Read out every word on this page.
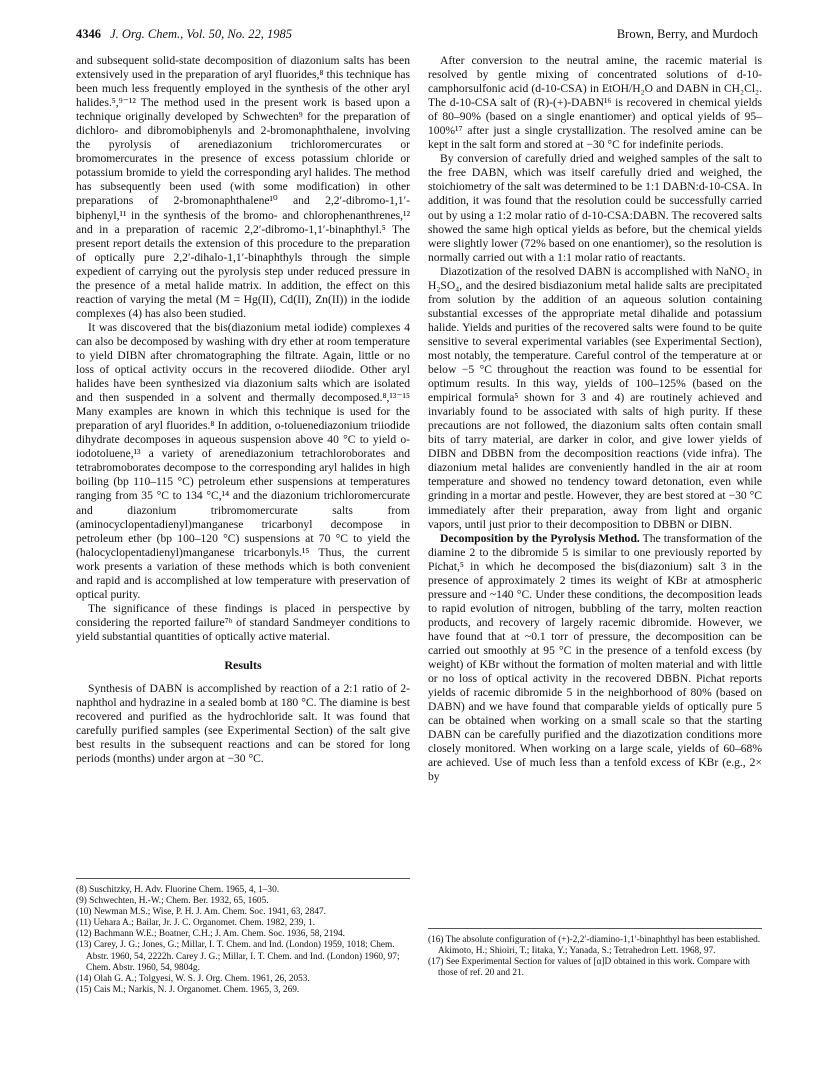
4346 J. Org. Chem., Vol. 50, No. 22, 1985	Brown, Berry, and Murdoch

and subsequent solid-state decomposition of diazonium salts has been extensively used in the preparation of aryl fluorides,⁸ this technique has been much less frequently employed in the synthesis of the other aryl halides.⁵,⁹⁻¹² The method used in the present work is based upon a technique originally developed by Schwechten⁹ for the preparation of dichloro- and dibromobiphenyls and 2-bromonaphthalene, involving the pyrolysis of arenediazonium trichloromercurates or bromomercurates in the presence of excess potassium chloride or potassium bromide to yield the corresponding aryl halides. The method has subsequently been used (with some modification) in other preparations of 2-bromonaphthalene¹⁰ and 2,2′-dibromo-1,1′-biphenyl,¹¹ in the synthesis of the bromo- and chlorophenanthrenes,¹² and in a preparation of racemic 2,2′-dibromo-1,1′-binaphthyl.⁵ The present report details the extension of this procedure to the preparation of optically pure 2,2′-dihalo-1,1′-binaphthyls through the simple expedient of carrying out the pyrolysis step under reduced pressure in the presence of a metal halide matrix. In addition, the effect on this reaction of varying the metal (M = Hg(II), Cd(II), Zn(II)) in the iodide complexes (4) has also been studied.

It was discovered that the bis(diazonium metal iodide) complexes 4 can also be decomposed by washing with dry ether at room temperature to yield DIBN after chromatographing the filtrate. Again, little or no loss of optical activity occurs in the recovered diiodide. Other aryl halides have been synthesized via diazonium salts which are isolated and then suspended in a solvent and thermally decomposed.⁸,¹³⁻¹⁵ Many examples are known in which this technique is used for the preparation of aryl fluorides.⁸ In addition, o-toluenediazonium triiodide dihydrate decomposes in aqueous suspension above 40 °C to yield o-iodotoluene,¹³ a variety of arenediazonium tetrachloroborates and tetrabromoborates decompose to the corresponding aryl halides in high boiling (bp 110–115 °C) petroleum ether suspensions at temperatures ranging from 35 °C to 134 °C,¹⁴ and the diazonium trichloromercurate and diazonium tribromomercurate salts from (aminocyclopentadienyl)manganese tricarbonyl decompose in petroleum ether (bp 100–120 °C) suspensions at 70 °C to yield the (halocyclopentadienyl)manganese tricarbonyls.¹⁵ Thus, the current work presents a variation of these methods which is both convenient and rapid and is accomplished at low temperature with preservation of optical purity.

The significance of these findings is placed in perspective by considering the reported failure⁷ᵇ of standard Sandmeyer conditions to yield substantial quantities of optically active material.

Results

Synthesis of DABN is accomplished by reaction of a 2:1 ratio of 2-naphthol and hydrazine in a sealed bomb at 180 °C. The diamine is best recovered and purified as the hydrochloride salt. It was found that carefully purified samples (see Experimental Section) of the salt give best results in the subsequent reactions and can be stored for long periods (months) under argon at −30 °C.

After conversion to the neutral amine, the racemic material is resolved by gentle mixing of concentrated solutions of d-10-camphorsulfonic acid (d-10-CSA) in EtOH/H₂O and DABN in CH₂Cl₂. The d-10-CSA salt of (R)-(+)-DABN¹⁶ is recovered in chemical yields of 80–90% (based on a single enantiomer) and optical yields of 95–100%¹⁷ after just a single crystallization. The resolved amine can be kept in the salt form and stored at −30 °C for indefinite periods.

By conversion of carefully dried and weighed samples of the salt to the free DABN, which was itself carefully dried and weighed, the stoichiometry of the salt was determined to be 1:1 DABN:d-10-CSA. In addition, it was found that the resolution could be successfully carried out by using a 1:2 molar ratio of d-10-CSA:DABN. The recovered salts showed the same high optical yields as before, but the chemical yields were slightly lower (72% based on one enantiomer), so the resolution is normally carried out with a 1:1 molar ratio of reactants.

Diazotization of the resolved DABN is accomplished with NaNO₂ in H₂SO₄, and the desired bisdiazonium metal halide salts are precipitated from solution by the addition of an aqueous solution containing substantial excesses of the appropriate metal dihalide and potassium halide. Yields and purities of the recovered salts were found to be quite sensitive to several experimental variables (see Experimental Section), most notably, the temperature. Careful control of the temperature at or below −5 °C throughout the reaction was found to be essential for optimum results. In this way, yields of 100–125% (based on the empirical formula⁵ shown for 3 and 4) are routinely achieved and invariably found to be associated with salts of high purity. If these precautions are not followed, the diazonium salts often contain small bits of tarry material, are darker in color, and give lower yields of DIBN and DBBN from the decomposition reactions (vide infra). The diazonium metal halides are conveniently handled in the air at room temperature and showed no tendency toward detonation, even while grinding in a mortar and pestle. However, they are best stored at −30 °C immediately after their preparation, away from light and organic vapors, until just prior to their decomposition to DBBN or DIBN.

Decomposition by the Pyrolysis Method. The transformation of the diamine 2 to the dibromide 5 is similar to one previously reported by Pichat,⁵ in which he decomposed the bis(diazonium) salt 3 in the presence of approximately 2 times its weight of KBr at atmospheric pressure and ~140 °C. Under these conditions, the decomposition leads to rapid evolution of nitrogen, bubbling of the tarry, molten reaction products, and recovery of largely racemic dibromide. However, we have found that at ~0.1 torr of pressure, the decomposition can be carried out smoothly at 95 °C in the presence of a tenfold excess (by weight) of KBr without the formation of molten material and with little or no loss of optical activity in the recovered DBBN. Pichat reports yields of racemic dibromide 5 in the neighborhood of 80% (based on DABN) and we have found that comparable yields of optically pure 5 can be obtained when working on a small scale so that the starting DABN can be carefully purified and the diazotization conditions more closely monitored. When working on a large scale, yields of 60–68% are achieved. Use of much less than a tenfold excess of KBr (e.g., 2× by

(8) Suschitzky, H. Adv. Fluorine Chem. 1965, 4, 1–30.
(9) Schwechten, H.-W.; Chem. Ber. 1932, 65, 1605.
(10) Newman M.S.; Wise, P. H. J. Am. Chem. Soc. 1941, 63, 2847.
(11) Uehara A.; Bailar, Jr. J. C. Organomet. Chem. 1982, 239, 1.
(12) Bachmann W.E.; Boatner, C.H.; J. Am. Chem. Soc. 1936, 58, 2194.
(13) Carey, J. G.; Jones, G.; Millar, I. T. Chem. and Ind. (London) 1959, 1018; Chem. Abstr. 1960, 54, 2222h. Carey J. G.; Millar, I. T. Chem. and Ind. (London) 1960, 97; Chem. Abstr. 1960, 54, 9804g.
(14) Olah G. A.; Tolgyesi, W. S. J. Org. Chem. 1961, 26, 2053.
(15) Cais M.; Narkis, N. J. Organomet. Chem. 1965, 3, 269.
(16) The absolute configuration of (+)-2,2′-diamino-1,1′-binaphthyl has been established. Akimoto, H.; Shioiri, T.; Iitaka, Y.; Yanada, S.; Tetrahedron Lett. 1968, 97.
(17) See Experimental Section for values of [α]D obtained in this work. Compare with those of ref. 20 and 21.
